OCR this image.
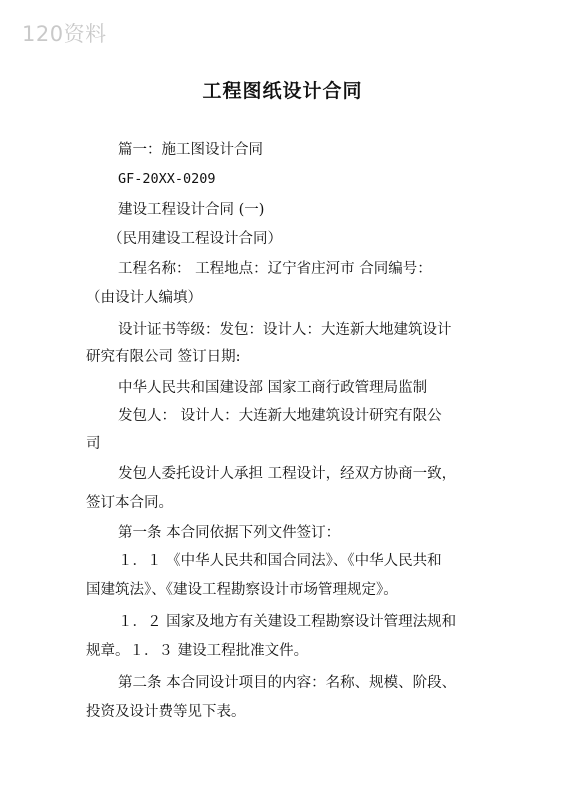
120资料
工程图纸设计合同
篇一：施工图设计合同
GF-20XX-0209
建设工程设计合同 (一)
（民用建设工程设计合同）
工程名称： 工程地点：辽宁省庄河市 合同编号：
（由设计人编填）
设计证书等级：发包：设计人：大连新大地建筑设计
研究有限公司 签订日期:
中华人民共和国建设部 国家工商行政管理局监制
发包人： 设计人：大连新大地建筑设计研究有限公
司
发包人委托设计人承担 工程设计，经双方协商一致，
签订本合同。
第一条 本合同依据下列文件签订：
１．１ 《中华人民共和国合同法》、《中华人民共和
国建筑法》、《建设工程勘察设计市场管理规定》。
１．２ 国家及地方有关建设工程勘察设计管理法规和
规章。１．３ 建设工程批准文件。
第二条 本合同设计项目的内容：名称、规模、阶段、
投资及设计费等见下表。
